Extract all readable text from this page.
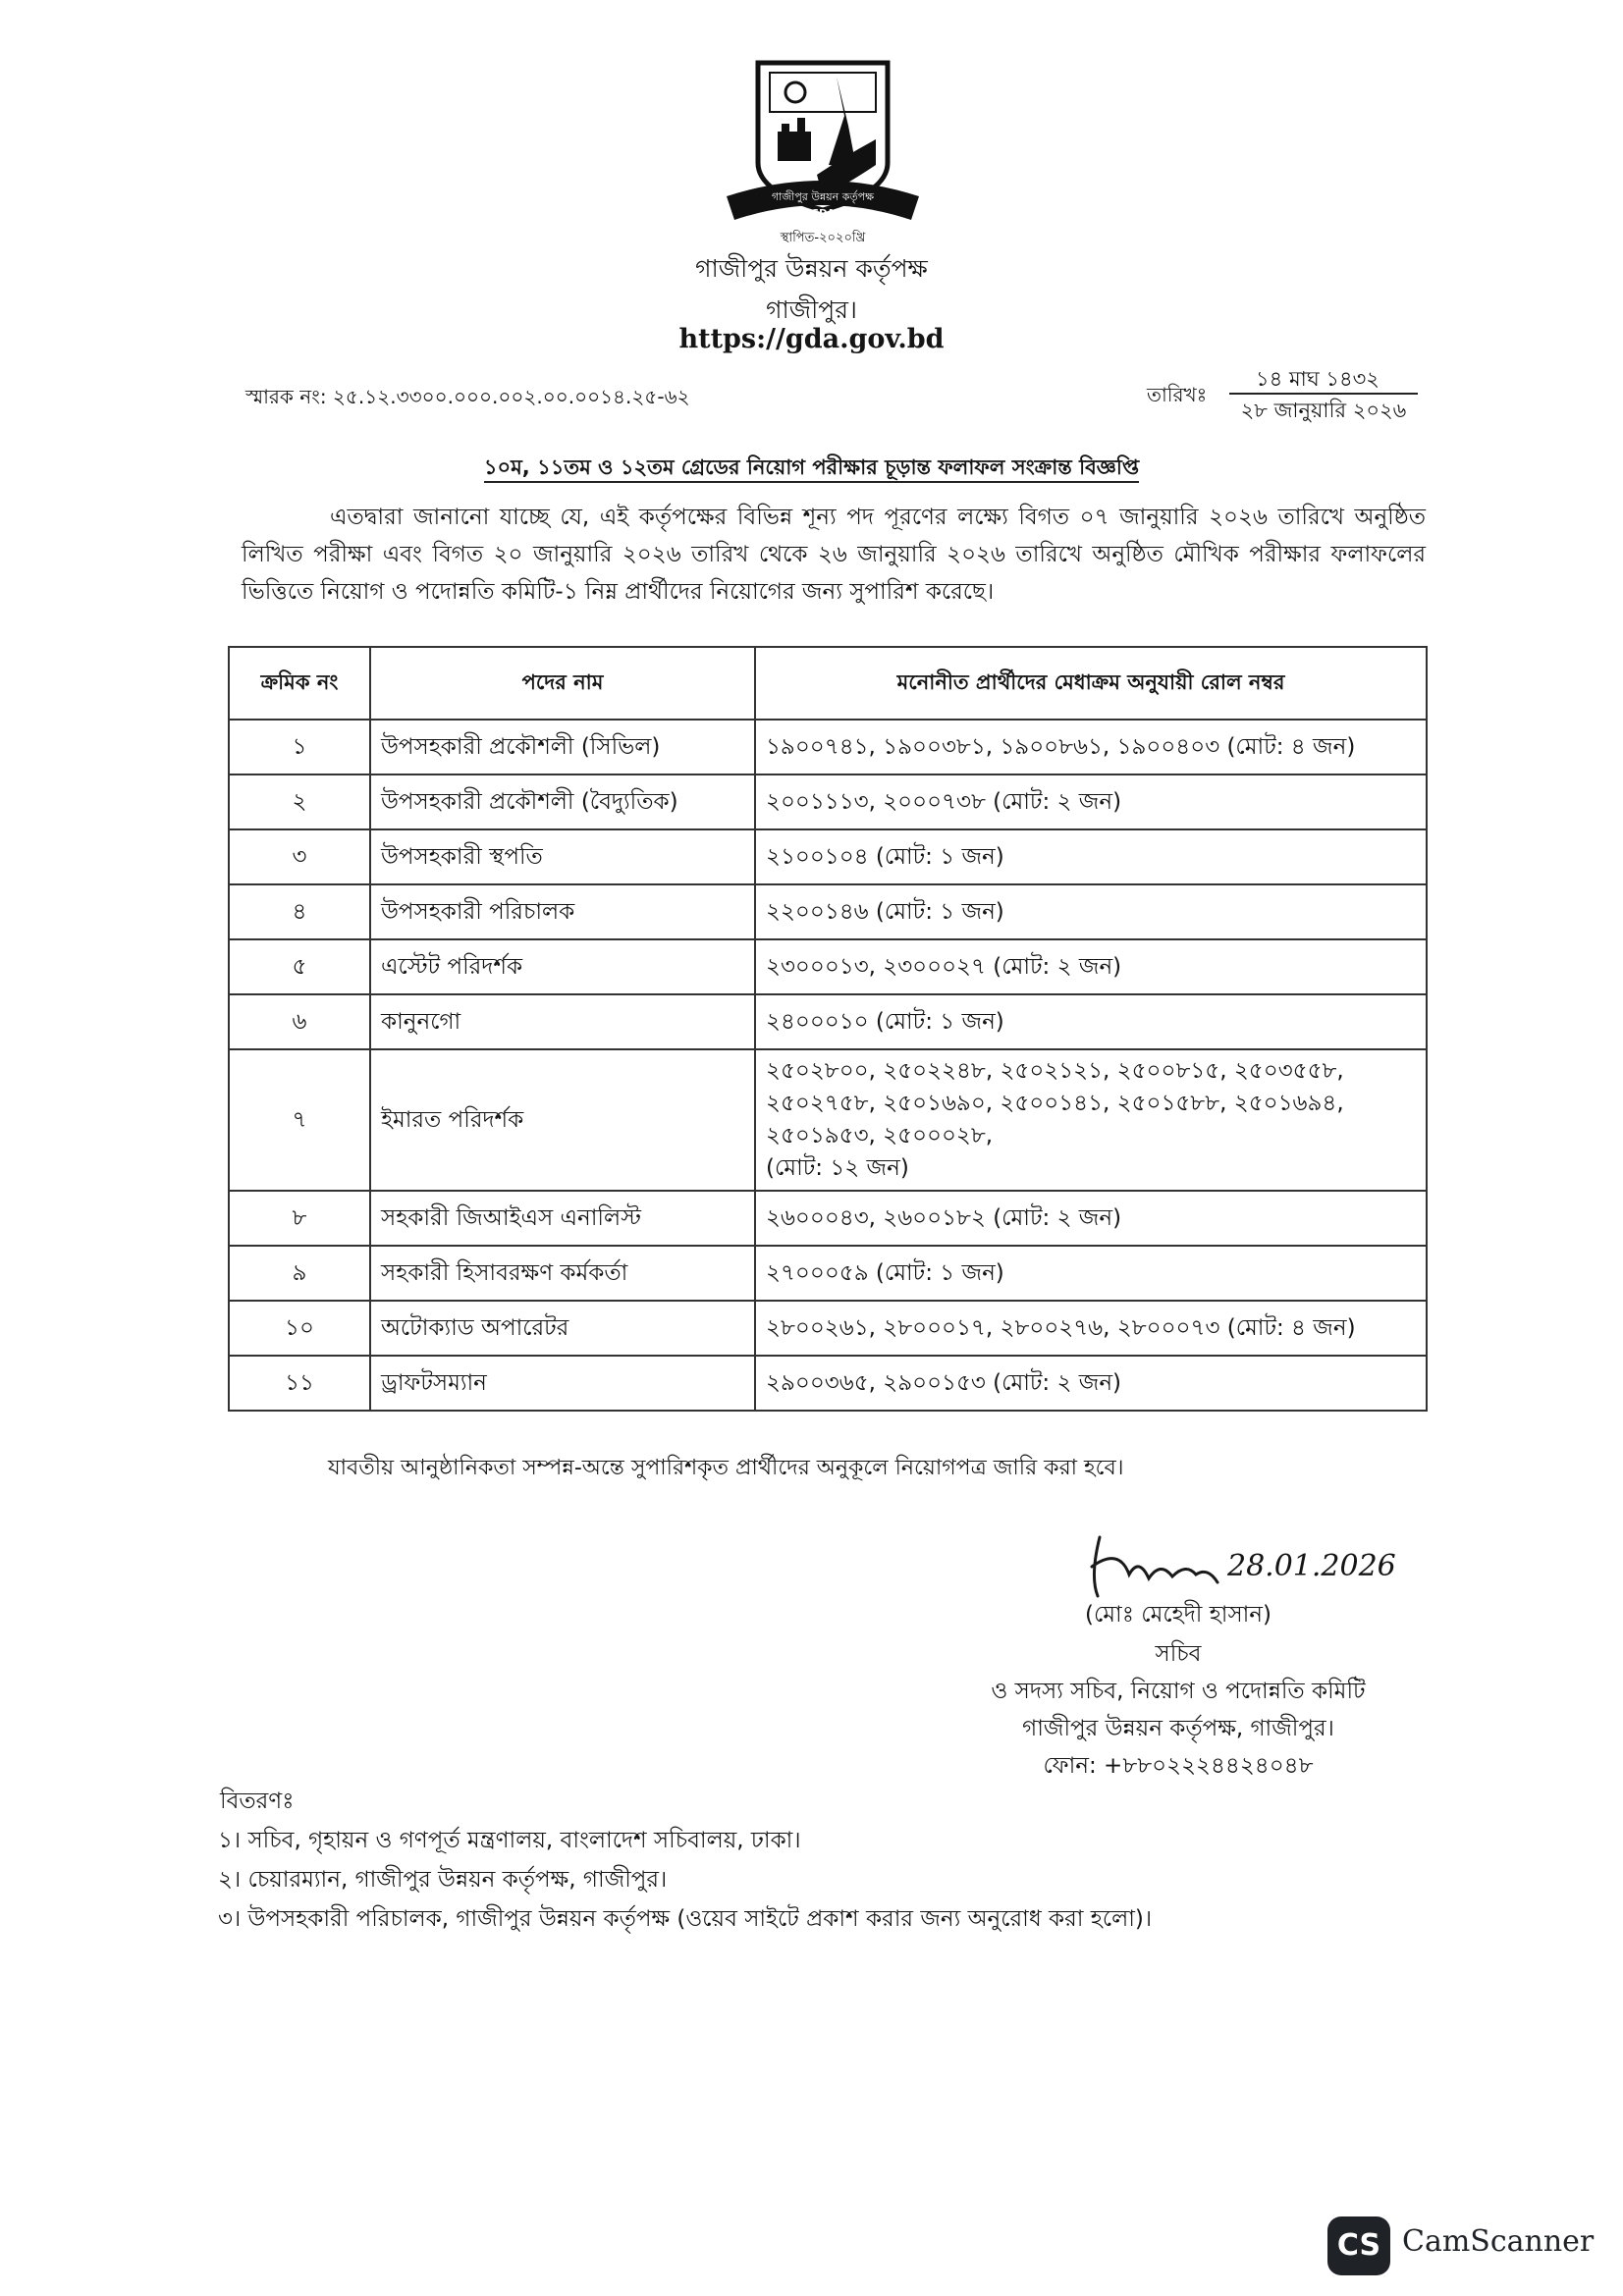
গাজীপুর উন্নয়ন কর্তৃপক্ষ
GDA
স্থাপিত-২০২০খ্রি
গাজীপুর উন্নয়ন কর্তৃপক্ষ
গাজীপুর।
https://gda.gov.bd
স্মারক নং: ২৫.১২.৩৩০০.০০০.০০২.০০.০০১৪.২৫-৬২	তারিখঃ
১৪ মাঘ ১৪৩২
২৮ জানুয়ারি ২০২৬
১০ম, ১১তম ও ১২তম গ্রেডের নিয়োগ পরীক্ষার চূড়ান্ত ফলাফল সংক্রান্ত বিজ্ঞপ্তি
এতদ্বারা জানানো যাচ্ছে যে, এই কর্তৃপক্ষের বিভিন্ন শূন্য পদ পূরণের লক্ষ্যে বিগত ০৭ জানুয়ারি ২০২৬ তারিখে অনুষ্ঠিত লিখিত পরীক্ষা এবং বিগত ২০ জানুয়ারি ২০২৬ তারিখ থেকে ২৬ জানুয়ারি ২০২৬ তারিখে অনুষ্ঠিত মৌখিক পরীক্ষার ফলাফলের ভিত্তিতে নিয়োগ ও পদোন্নতি কমিটি-১ নিম্ন প্রার্থীদের নিয়োগের জন্য সুপারিশ করেছে।
ক্রমিক নং	পদের নাম	মনোনীত প্রার্থীদের মেধাক্রম অনুযায়ী রোল নম্বর
১	উপসহকারী প্রকৌশলী (সিভিল)	১৯০০৭৪১, ১৯০০৩৮১, ১৯০০৮৬১, ১৯০০৪০৩ (মোট: ৪ জন)
২	উপসহকারী প্রকৌশলী (বৈদ্যুতিক)	২০০১১১৩, ২০০০৭৩৮ (মোট: ২ জন)
৩	উপসহকারী স্থপতি	২১০০১০৪ (মোট: ১ জন)
৪	উপসহকারী পরিচালক	২২০০১৪৬ (মোট: ১ জন)
৫	এস্টেট পরিদর্শক	২৩০০০১৩, ২৩০০০২৭ (মোট: ২ জন)
৬	কানুনগো	২৪০০০১০ (মোট: ১ জন)
৭	ইমারত পরিদর্শক	২৫০২৮০০, ২৫০২২৪৮, ২৫০২১২১, ২৫০০৮১৫, ২৫০৩৫৫৮,
২৫০২৭৫৮, ২৫০১৬৯০, ২৫০০১৪১, ২৫০১৫৮৮, ২৫০১৬৯৪,
২৫০১৯৫৩, ২৫০০০২৮,
(মোট: ১২ জন)

৮	সহকারী জিআইএস এনালিস্ট	২৬০০০৪৩, ২৬০০১৮২ (মোট: ২ জন)
৯	সহকারী হিসাবরক্ষণ কর্মকর্তা	২৭০০০৫৯ (মোট: ১ জন)
১০	অটোক্যাড অপারেটর	২৮০০২৬১, ২৮০০০১৭, ২৮০০২৭৬, ২৮০০০৭৩ (মোট: ৪ জন)
১১	ড্রাফটসম্যান	২৯০০৩৬৫, ২৯০০১৫৩ (মোট: ২ জন)
যাবতীয় আনুষ্ঠানিকতা সম্পন্ন-অন্তে সুপারিশকৃত প্রার্থীদের অনুকূলে নিয়োগপত্র জারি করা হবে।
28.01.2026
(মোঃ মেহেদী হাসান)
সচিব
ও সদস্য সচিব, নিয়োগ ও পদোন্নতি কমিটি
গাজীপুর উন্নয়ন কর্তৃপক্ষ, গাজীপুর।
ফোন: +৮৮০২২২৪৪২৪০৪৮
বিতরণঃ
১। সচিব, গৃহায়ন ও গণপূর্ত মন্ত্রণালয়, বাংলাদেশ সচিবালয়, ঢাকা।
২। চেয়ারম্যান, গাজীপুর উন্নয়ন কর্তৃপক্ষ, গাজীপুর।
৩। উপসহকারী পরিচালক, গাজীপুর উন্নয়ন কর্তৃপক্ষ (ওয়েব সাইটে প্রকাশ করার জন্য অনুরোধ করা হলো)।
CS CamScanner
